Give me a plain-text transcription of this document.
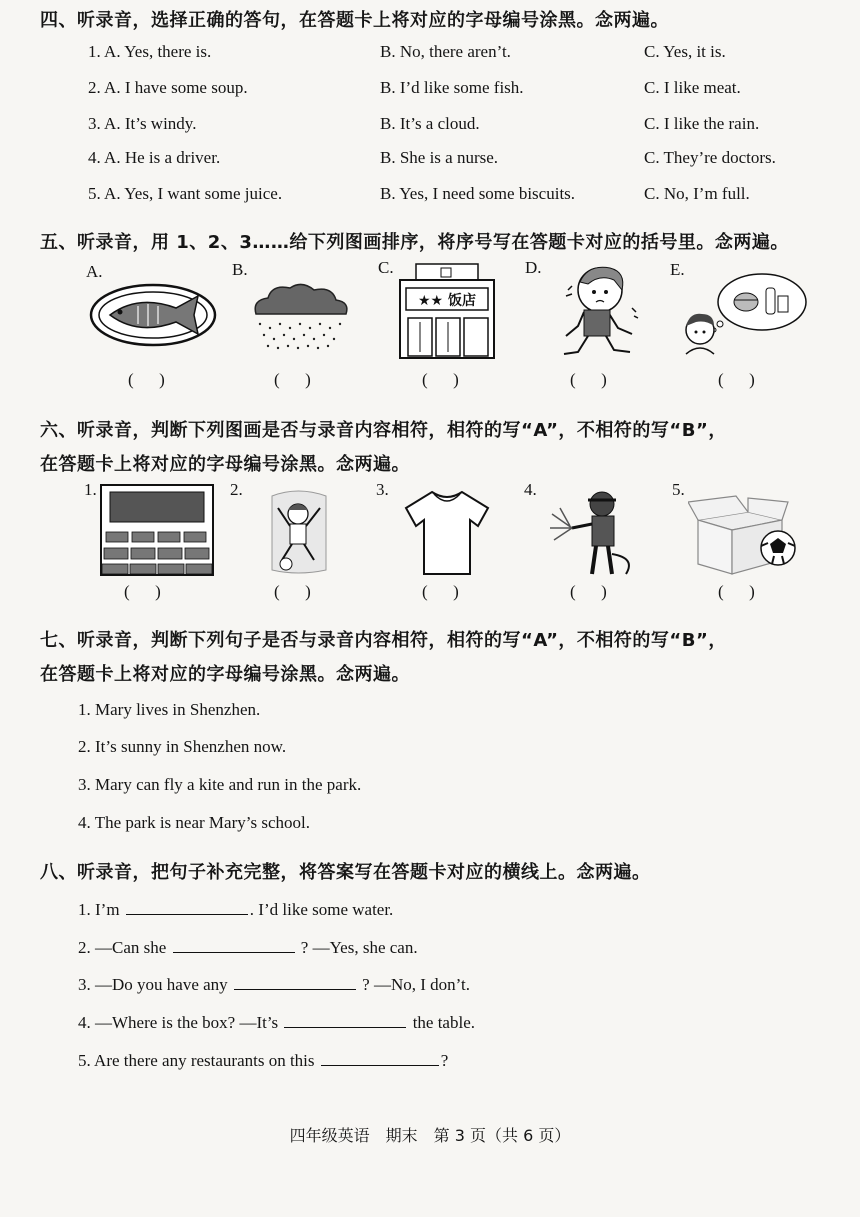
四、听录音，选择正确的答句，在答题卡上将对应的字母编号涂黑。念两遍。
1. A. Yes, there is.	B. No, there aren’t.	C. Yes, it is.
2. A. I have some soup.	B. I’d like some fish.	C. I like meat.
3. A. It’s windy.	B. It’s a cloud.	C. I like the rain.
4. A. He is a driver.	B. She is a nurse.	C. They’re doctors.
5. A. Yes, I want some juice.	B. Yes, I need some biscuits.	C. No, I’m full.
五、听录音，用 1、2、3……给下列图画排序，将序号写在答题卡对应的括号里。念两遍。
A.	B.	C.	D.	E.
★★ 饭店
(      )	(      )	(      )	(      )	(      )
六、听录音，判断下列图画是否与录音内容相符，相符的写“A”，不相符的写“B”，
在答题卡上将对应的字母编号涂黑。念两遍。
1.	2.	3.	4.	5.
(      )	(      )	(      )	(      )	(      )
七、听录音，判断下列句子是否与录音内容相符，相符的写“A”，不相符的写“B”，
在答题卡上将对应的字母编号涂黑。念两遍。
1. Mary lives in Shenzhen.
2. It’s sunny in Shenzhen now.
3. Mary can fly a kite and run in the park.
4. The park is near Mary’s school.
八、听录音，把句子补充完整，将答案写在答题卡对应的横线上。念两遍。
1. I’m	. I’d like some water.
2. —Can she	? —Yes, she can.
3. —Do you have any	? —No, I don’t.
4. —Where is the box? —It’s	the table.
5. Are there any restaurants on this	?
四年级英语　期末　第 3 页（共 6 页）
